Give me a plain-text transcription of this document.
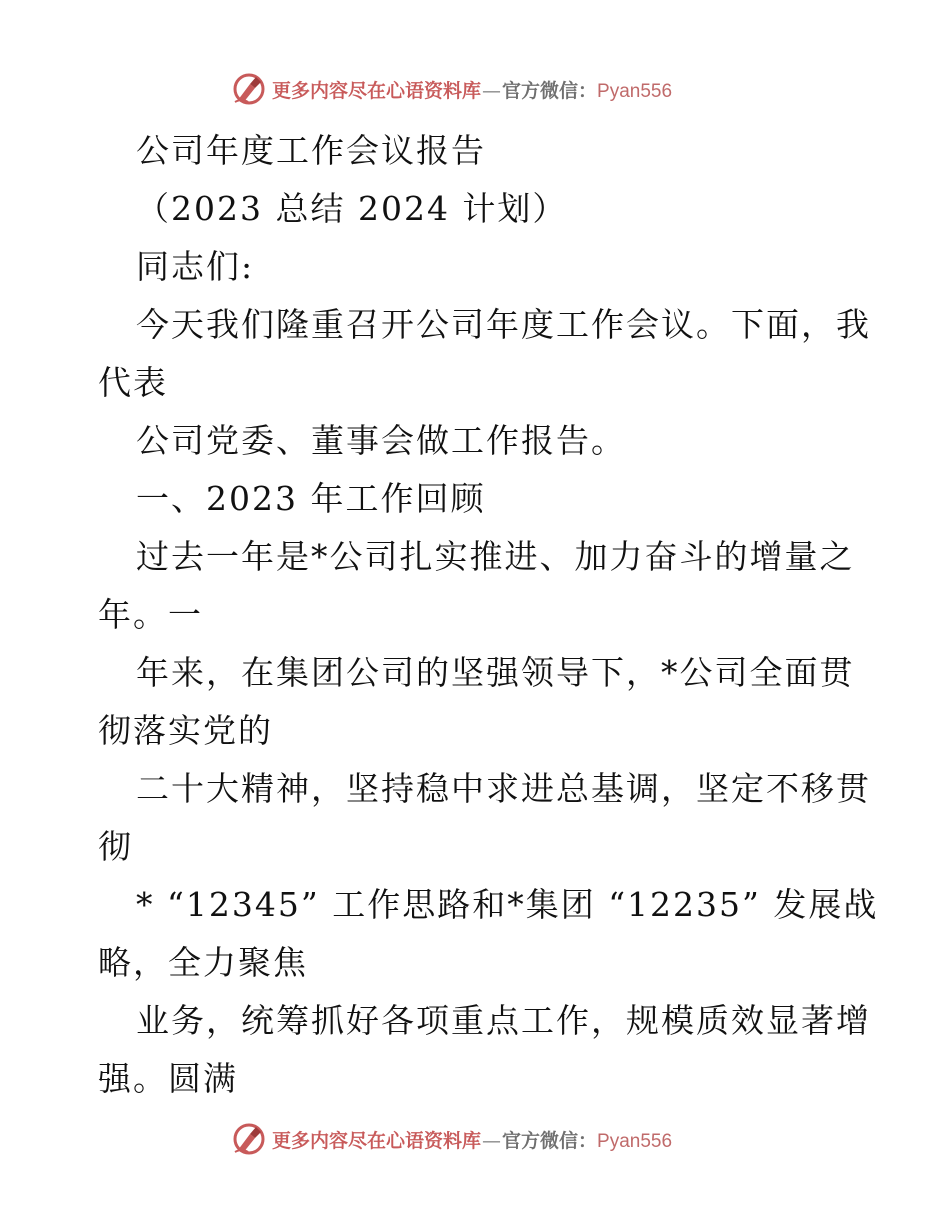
更多内容尽在心语资料库 — 官方微信： Pyan556
公司年度工作会议报告
（2023 总结 2024 计划）
同志们:
今天我们隆重召开公司年度工作会议。下面，我
代表
公司党委、董事会做工作报告。
一、2023 年工作回顾
过去一年是*公司扎实推进、加力奋斗的增量之
年。一
年来，在集团公司的坚强领导下，*公司全面贯
彻落实党的
二十大精神，坚持稳中求进总基调，坚定不移贯
彻
* “12345” 工作思路和*集团 “12235” 发展战
略，全力聚焦
业务，统筹抓好各项重点工作，规模质效显著增
强。圆满
更多内容尽在心语资料库 — 官方微信： Pyan556
